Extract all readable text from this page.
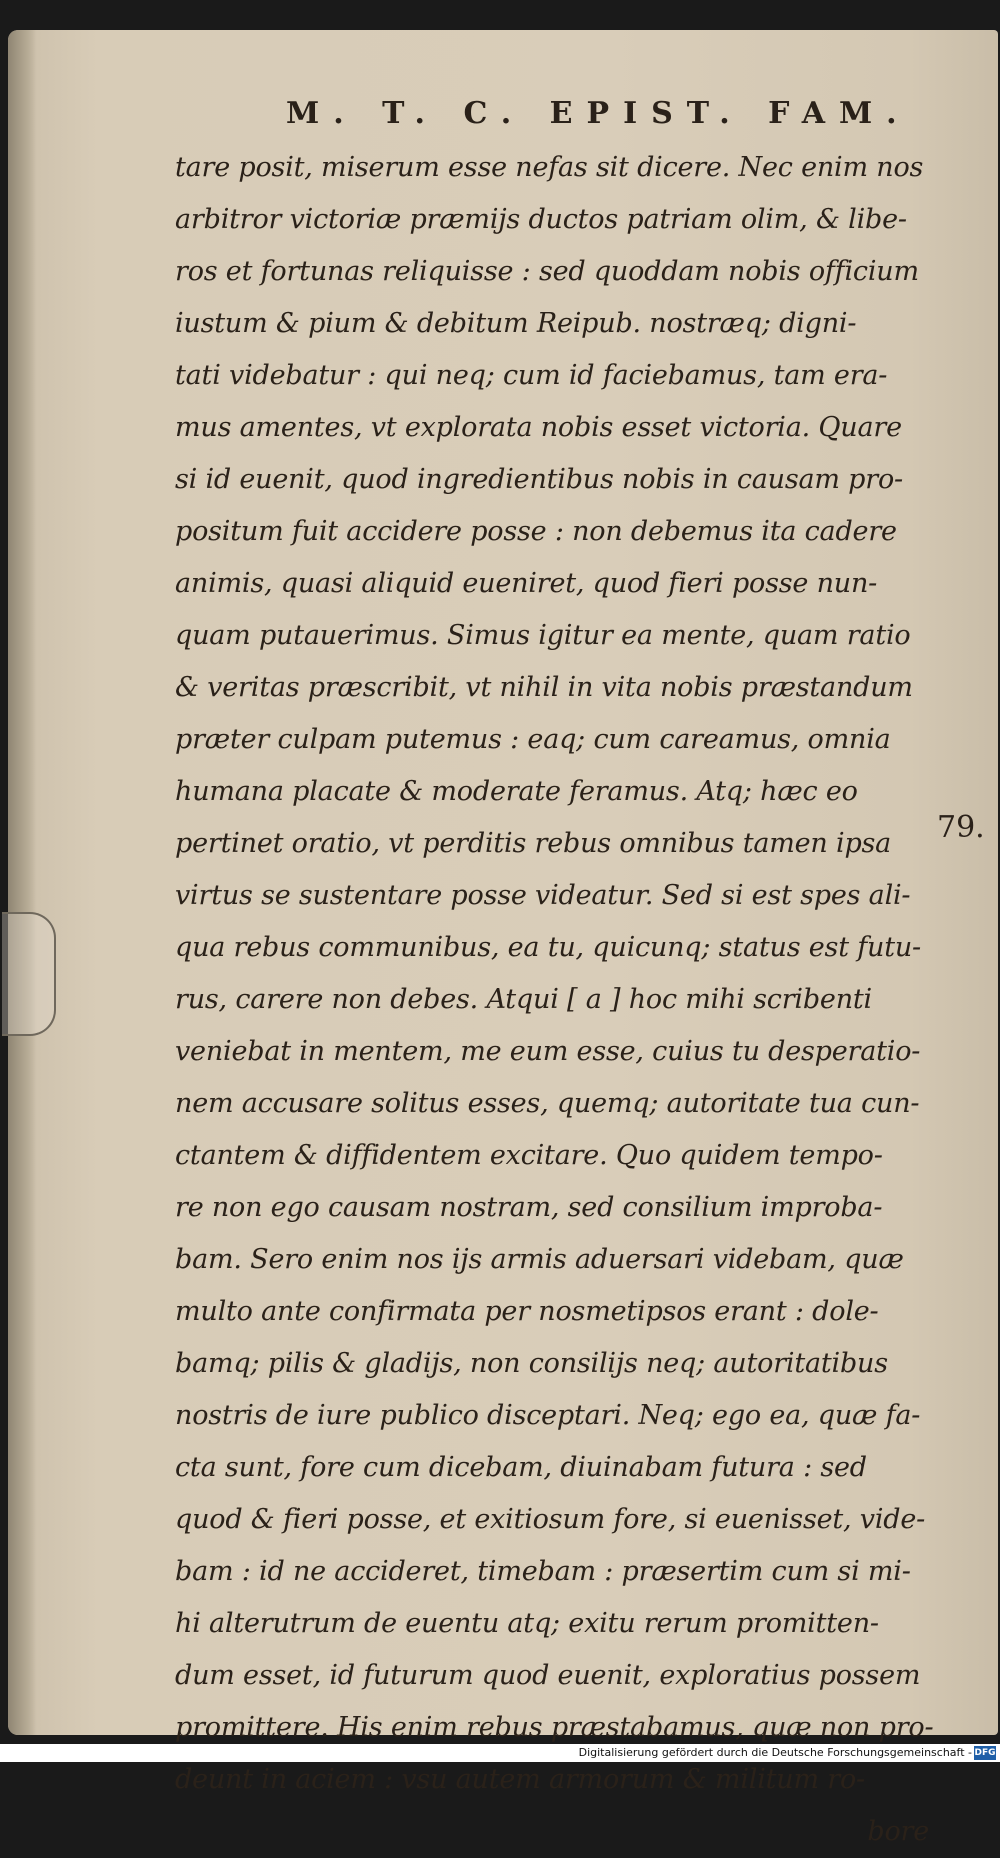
M. T. C. EPIST. FAM.
tare posit, miserum esse nefas sit dicere. Nec enim nos
arbitror victoriæ præmijs ductos patriam olim, & libe-
ros et fortunas reliquisse : sed quoddam nobis officium
iustum & pium & debitum Reipub. nostræq; digni-
tati videbatur : qui neq; cum id faciebamus, tam era-
mus amentes, vt explorata nobis esset victoria. Quare
si id euenit, quod ingredientibus nobis in causam pro-
positum fuit accidere posse : non debemus ita cadere
animis, quasi aliquid eueniret, quod fieri posse nun-
quam putauerimus. Simus igitur ea mente, quam ratio
& veritas præscribit, vt nihil in vita nobis præstandum
præter culpam putemus : eaq; cum careamus, omnia
humana placate & moderate feramus. Atq; hæc eo
pertinet oratio, vt perditis rebus omnibus tamen ipsa
virtus se sustentare posse videatur. Sed si est spes ali-
qua rebus communibus, ea tu, quicunq; status est futu-
rus, carere non debes. Atqui [ a ] hoc mihi scribenti
veniebat in mentem, me eum esse, cuius tu desperatio-
nem accusare solitus esses, quemq; autoritate tua cun-
ctantem & diffidentem excitare. Quo quidem tempo-
re non ego causam nostram, sed consilium improba-
bam. Sero enim nos ijs armis aduersari videbam, quæ
multo ante confirmata per nosmetipsos erant : dole-
bamq; pilis & gladijs, non consilijs neq; autoritatibus
nostris de iure publico disceptari. Neq; ego ea, quæ fa-
cta sunt, fore cum dicebam, diuinabam futura : sed
quod & fieri posse, et exitiosum fore, si euenisset, vide-
bam : id ne accideret, timebam : præsertim cum si mi-
hi alterutrum de euentu atq; exitu rerum promitten-
dum esset, id futurum quod euenit, exploratius possem
promittere. His enim rebus præstabamus, quæ non pro-
deunt in aciem : vsu autem armorum & militum ro-
bore
79.
Digitalisierung gefördert durch die Deutsche Forschungsgemeinschaft - DFG
